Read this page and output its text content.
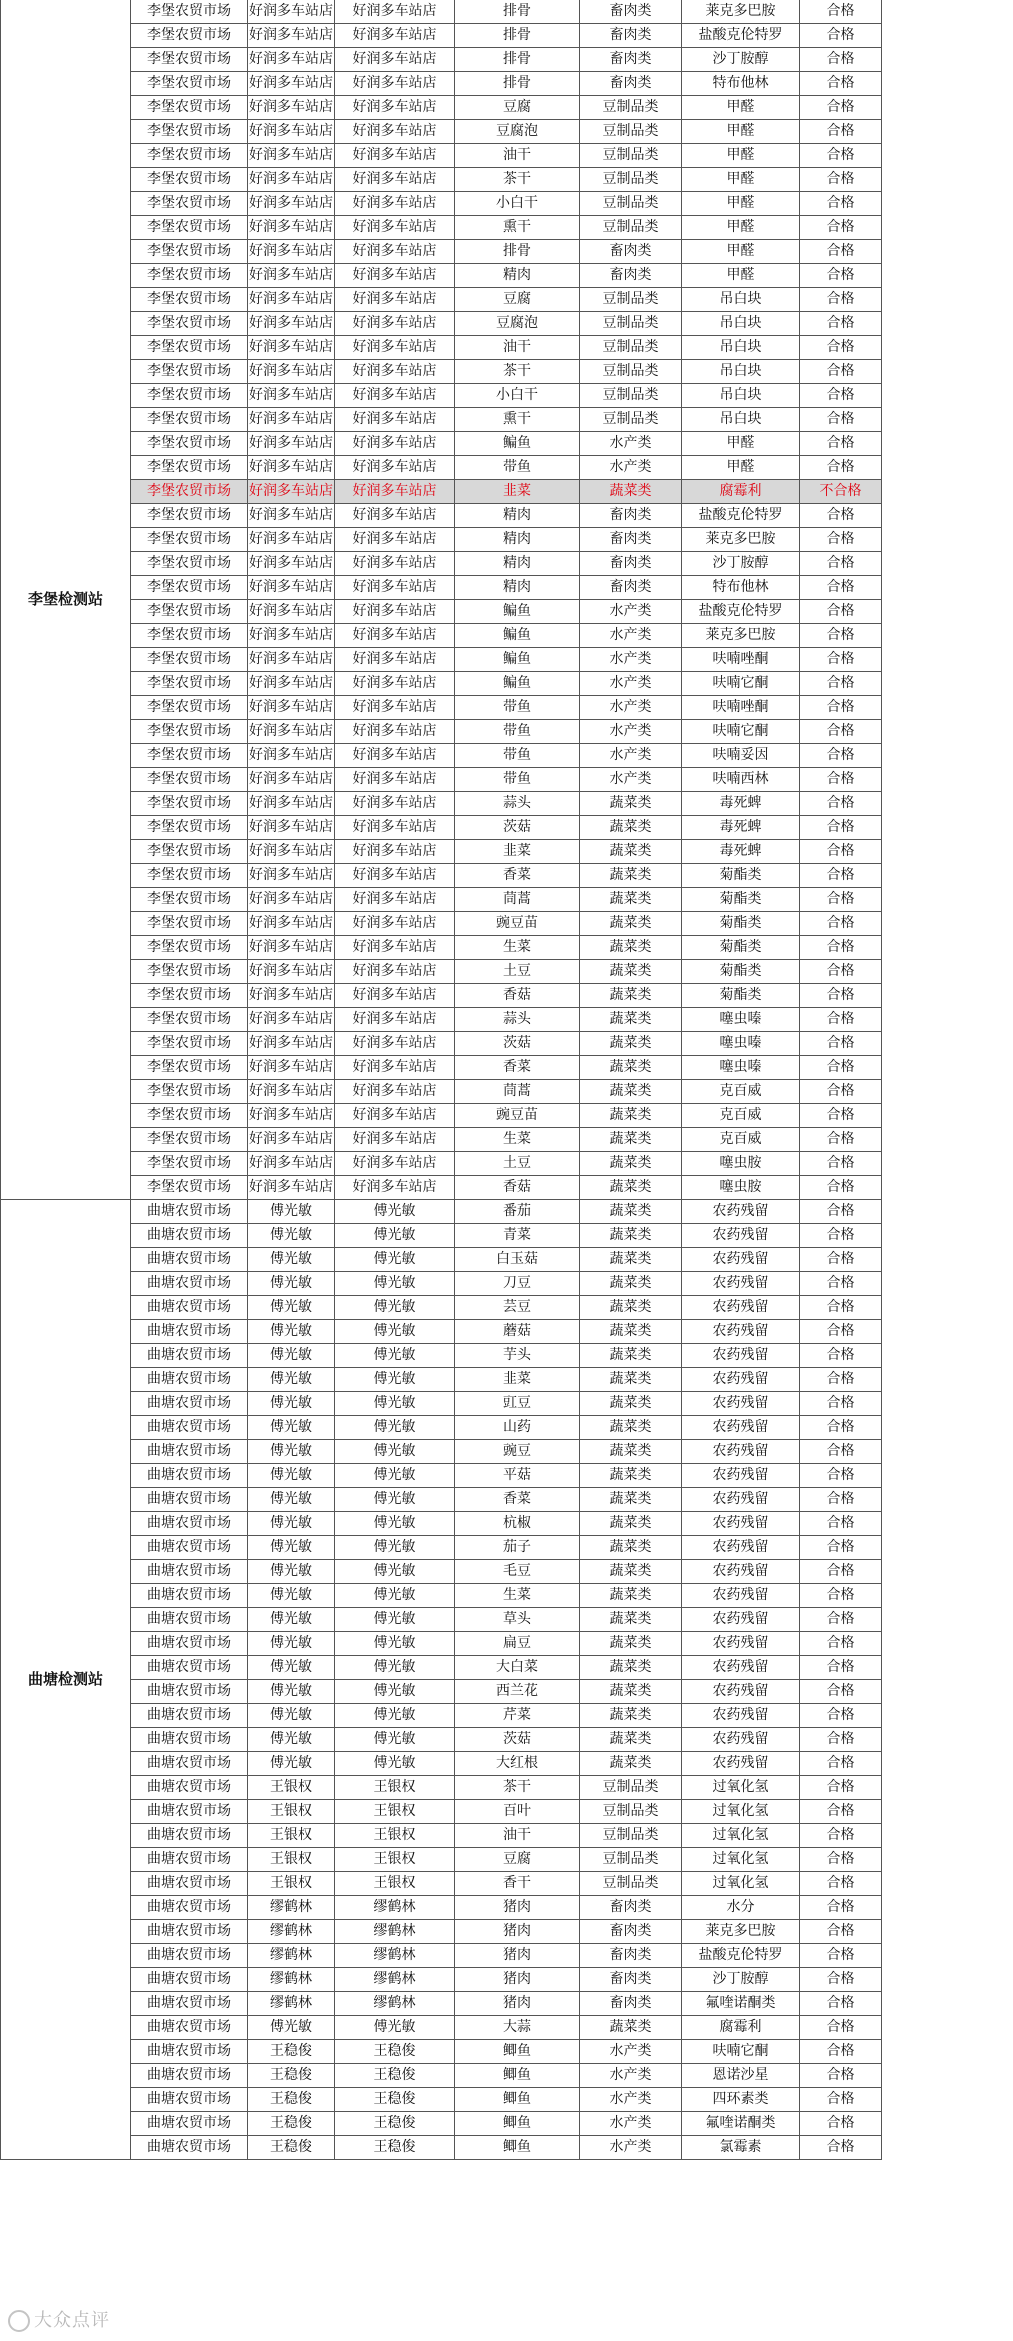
李堡检测站	李堡农贸市场	好润多车站店	好润多车站店	排骨	畜肉类	莱克多巴胺	合格
	李堡农贸市场	好润多车站店	好润多车站店	排骨	畜肉类	盐酸克伦特罗	合格
	李堡农贸市场	好润多车站店	好润多车站店	排骨	畜肉类	沙丁胺醇	合格
	李堡农贸市场	好润多车站店	好润多车站店	排骨	畜肉类	特布他林	合格
	李堡农贸市场	好润多车站店	好润多车站店	豆腐	豆制品类	甲醛	合格
	李堡农贸市场	好润多车站店	好润多车站店	豆腐泡	豆制品类	甲醛	合格
	李堡农贸市场	好润多车站店	好润多车站店	油干	豆制品类	甲醛	合格
	李堡农贸市场	好润多车站店	好润多车站店	茶干	豆制品类	甲醛	合格
	李堡农贸市场	好润多车站店	好润多车站店	小白干	豆制品类	甲醛	合格
	李堡农贸市场	好润多车站店	好润多车站店	熏干	豆制品类	甲醛	合格
	李堡农贸市场	好润多车站店	好润多车站店	排骨	畜肉类	甲醛	合格
	李堡农贸市场	好润多车站店	好润多车站店	精肉	畜肉类	甲醛	合格
	李堡农贸市场	好润多车站店	好润多车站店	豆腐	豆制品类	吊白块	合格
	李堡农贸市场	好润多车站店	好润多车站店	豆腐泡	豆制品类	吊白块	合格
	李堡农贸市场	好润多车站店	好润多车站店	油干	豆制品类	吊白块	合格
	李堡农贸市场	好润多车站店	好润多车站店	茶干	豆制品类	吊白块	合格
	李堡农贸市场	好润多车站店	好润多车站店	小白干	豆制品类	吊白块	合格
	李堡农贸市场	好润多车站店	好润多车站店	熏干	豆制品类	吊白块	合格
	李堡农贸市场	好润多车站店	好润多车站店	鳊鱼	水产类	甲醛	合格
	李堡农贸市场	好润多车站店	好润多车站店	带鱼	水产类	甲醛	合格
	李堡农贸市场	好润多车站店	好润多车站店	韭菜	蔬菜类	腐霉利	不合格
	李堡农贸市场	好润多车站店	好润多车站店	精肉	畜肉类	盐酸克伦特罗	合格
	李堡农贸市场	好润多车站店	好润多车站店	精肉	畜肉类	莱克多巴胺	合格
	李堡农贸市场	好润多车站店	好润多车站店	精肉	畜肉类	沙丁胺醇	合格
	李堡农贸市场	好润多车站店	好润多车站店	精肉	畜肉类	特布他林	合格
	李堡农贸市场	好润多车站店	好润多车站店	鳊鱼	水产类	盐酸克伦特罗	合格
	李堡农贸市场	好润多车站店	好润多车站店	鳊鱼	水产类	莱克多巴胺	合格
	李堡农贸市场	好润多车站店	好润多车站店	鳊鱼	水产类	呋喃唑酮	合格
	李堡农贸市场	好润多车站店	好润多车站店	鳊鱼	水产类	呋喃它酮	合格
	李堡农贸市场	好润多车站店	好润多车站店	带鱼	水产类	呋喃唑酮	合格
	李堡农贸市场	好润多车站店	好润多车站店	带鱼	水产类	呋喃它酮	合格
	李堡农贸市场	好润多车站店	好润多车站店	带鱼	水产类	呋喃妥因	合格
	李堡农贸市场	好润多车站店	好润多车站店	带鱼	水产类	呋喃西林	合格
	李堡农贸市场	好润多车站店	好润多车站店	蒜头	蔬菜类	毒死蜱	合格
	李堡农贸市场	好润多车站店	好润多车站店	茨菇	蔬菜类	毒死蜱	合格
	李堡农贸市场	好润多车站店	好润多车站店	韭菜	蔬菜类	毒死蜱	合格
	李堡农贸市场	好润多车站店	好润多车站店	香菜	蔬菜类	菊酯类	合格
	李堡农贸市场	好润多车站店	好润多车站店	茼蒿	蔬菜类	菊酯类	合格
	李堡农贸市场	好润多车站店	好润多车站店	豌豆苗	蔬菜类	菊酯类	合格
	李堡农贸市场	好润多车站店	好润多车站店	生菜	蔬菜类	菊酯类	合格
	李堡农贸市场	好润多车站店	好润多车站店	土豆	蔬菜类	菊酯类	合格
	李堡农贸市场	好润多车站店	好润多车站店	香菇	蔬菜类	菊酯类	合格
	李堡农贸市场	好润多车站店	好润多车站店	蒜头	蔬菜类	噻虫嗪	合格
	李堡农贸市场	好润多车站店	好润多车站店	茨菇	蔬菜类	噻虫嗪	合格
	李堡农贸市场	好润多车站店	好润多车站店	香菜	蔬菜类	噻虫嗪	合格
	李堡农贸市场	好润多车站店	好润多车站店	茼蒿	蔬菜类	克百威	合格
	李堡农贸市场	好润多车站店	好润多车站店	豌豆苗	蔬菜类	克百威	合格
	李堡农贸市场	好润多车站店	好润多车站店	生菜	蔬菜类	克百威	合格
	李堡农贸市场	好润多车站店	好润多车站店	土豆	蔬菜类	噻虫胺	合格
	李堡农贸市场	好润多车站店	好润多车站店	香菇	蔬菜类	噻虫胺	合格
曲塘检测站	曲塘农贸市场	傅光敏	傅光敏	番茄	蔬菜类	农药残留	合格
	曲塘农贸市场	傅光敏	傅光敏	青菜	蔬菜类	农药残留	合格
	曲塘农贸市场	傅光敏	傅光敏	白玉菇	蔬菜类	农药残留	合格
	曲塘农贸市场	傅光敏	傅光敏	刀豆	蔬菜类	农药残留	合格
	曲塘农贸市场	傅光敏	傅光敏	芸豆	蔬菜类	农药残留	合格
	曲塘农贸市场	傅光敏	傅光敏	蘑菇	蔬菜类	农药残留	合格
	曲塘农贸市场	傅光敏	傅光敏	芋头	蔬菜类	农药残留	合格
	曲塘农贸市场	傅光敏	傅光敏	韭菜	蔬菜类	农药残留	合格
	曲塘农贸市场	傅光敏	傅光敏	豇豆	蔬菜类	农药残留	合格
	曲塘农贸市场	傅光敏	傅光敏	山药	蔬菜类	农药残留	合格
	曲塘农贸市场	傅光敏	傅光敏	豌豆	蔬菜类	农药残留	合格
	曲塘农贸市场	傅光敏	傅光敏	平菇	蔬菜类	农药残留	合格
	曲塘农贸市场	傅光敏	傅光敏	香菜	蔬菜类	农药残留	合格
	曲塘农贸市场	傅光敏	傅光敏	杭椒	蔬菜类	农药残留	合格
	曲塘农贸市场	傅光敏	傅光敏	茄子	蔬菜类	农药残留	合格
	曲塘农贸市场	傅光敏	傅光敏	毛豆	蔬菜类	农药残留	合格
	曲塘农贸市场	傅光敏	傅光敏	生菜	蔬菜类	农药残留	合格
	曲塘农贸市场	傅光敏	傅光敏	草头	蔬菜类	农药残留	合格
	曲塘农贸市场	傅光敏	傅光敏	扁豆	蔬菜类	农药残留	合格
	曲塘农贸市场	傅光敏	傅光敏	大白菜	蔬菜类	农药残留	合格
	曲塘农贸市场	傅光敏	傅光敏	西兰花	蔬菜类	农药残留	合格
	曲塘农贸市场	傅光敏	傅光敏	芹菜	蔬菜类	农药残留	合格
	曲塘农贸市场	傅光敏	傅光敏	茨菇	蔬菜类	农药残留	合格
	曲塘农贸市场	傅光敏	傅光敏	大红根	蔬菜类	农药残留	合格
	曲塘农贸市场	王银权	王银权	茶干	豆制品类	过氧化氢	合格
	曲塘农贸市场	王银权	王银权	百叶	豆制品类	过氧化氢	合格
	曲塘农贸市场	王银权	王银权	油干	豆制品类	过氧化氢	合格
	曲塘农贸市场	王银权	王银权	豆腐	豆制品类	过氧化氢	合格
	曲塘农贸市场	王银权	王银权	香干	豆制品类	过氧化氢	合格
	曲塘农贸市场	缪鹤林	缪鹤林	猪肉	畜肉类	水分	合格
	曲塘农贸市场	缪鹤林	缪鹤林	猪肉	畜肉类	莱克多巴胺	合格
	曲塘农贸市场	缪鹤林	缪鹤林	猪肉	畜肉类	盐酸克伦特罗	合格
	曲塘农贸市场	缪鹤林	缪鹤林	猪肉	畜肉类	沙丁胺醇	合格
	曲塘农贸市场	缪鹤林	缪鹤林	猪肉	畜肉类	氟喹诺酮类	合格
	曲塘农贸市场	傅光敏	傅光敏	大蒜	蔬菜类	腐霉利	合格
	曲塘农贸市场	王稳俊	王稳俊	鲫鱼	水产类	呋喃它酮	合格
	曲塘农贸市场	王稳俊	王稳俊	鲫鱼	水产类	恩诺沙星	合格
	曲塘农贸市场	王稳俊	王稳俊	鲫鱼	水产类	四环素类	合格
	曲塘农贸市场	王稳俊	王稳俊	鲫鱼	水产类	氟喹诺酮类	合格
	曲塘农贸市场	王稳俊	王稳俊	鲫鱼	水产类	氯霉素	合格
大众点评
